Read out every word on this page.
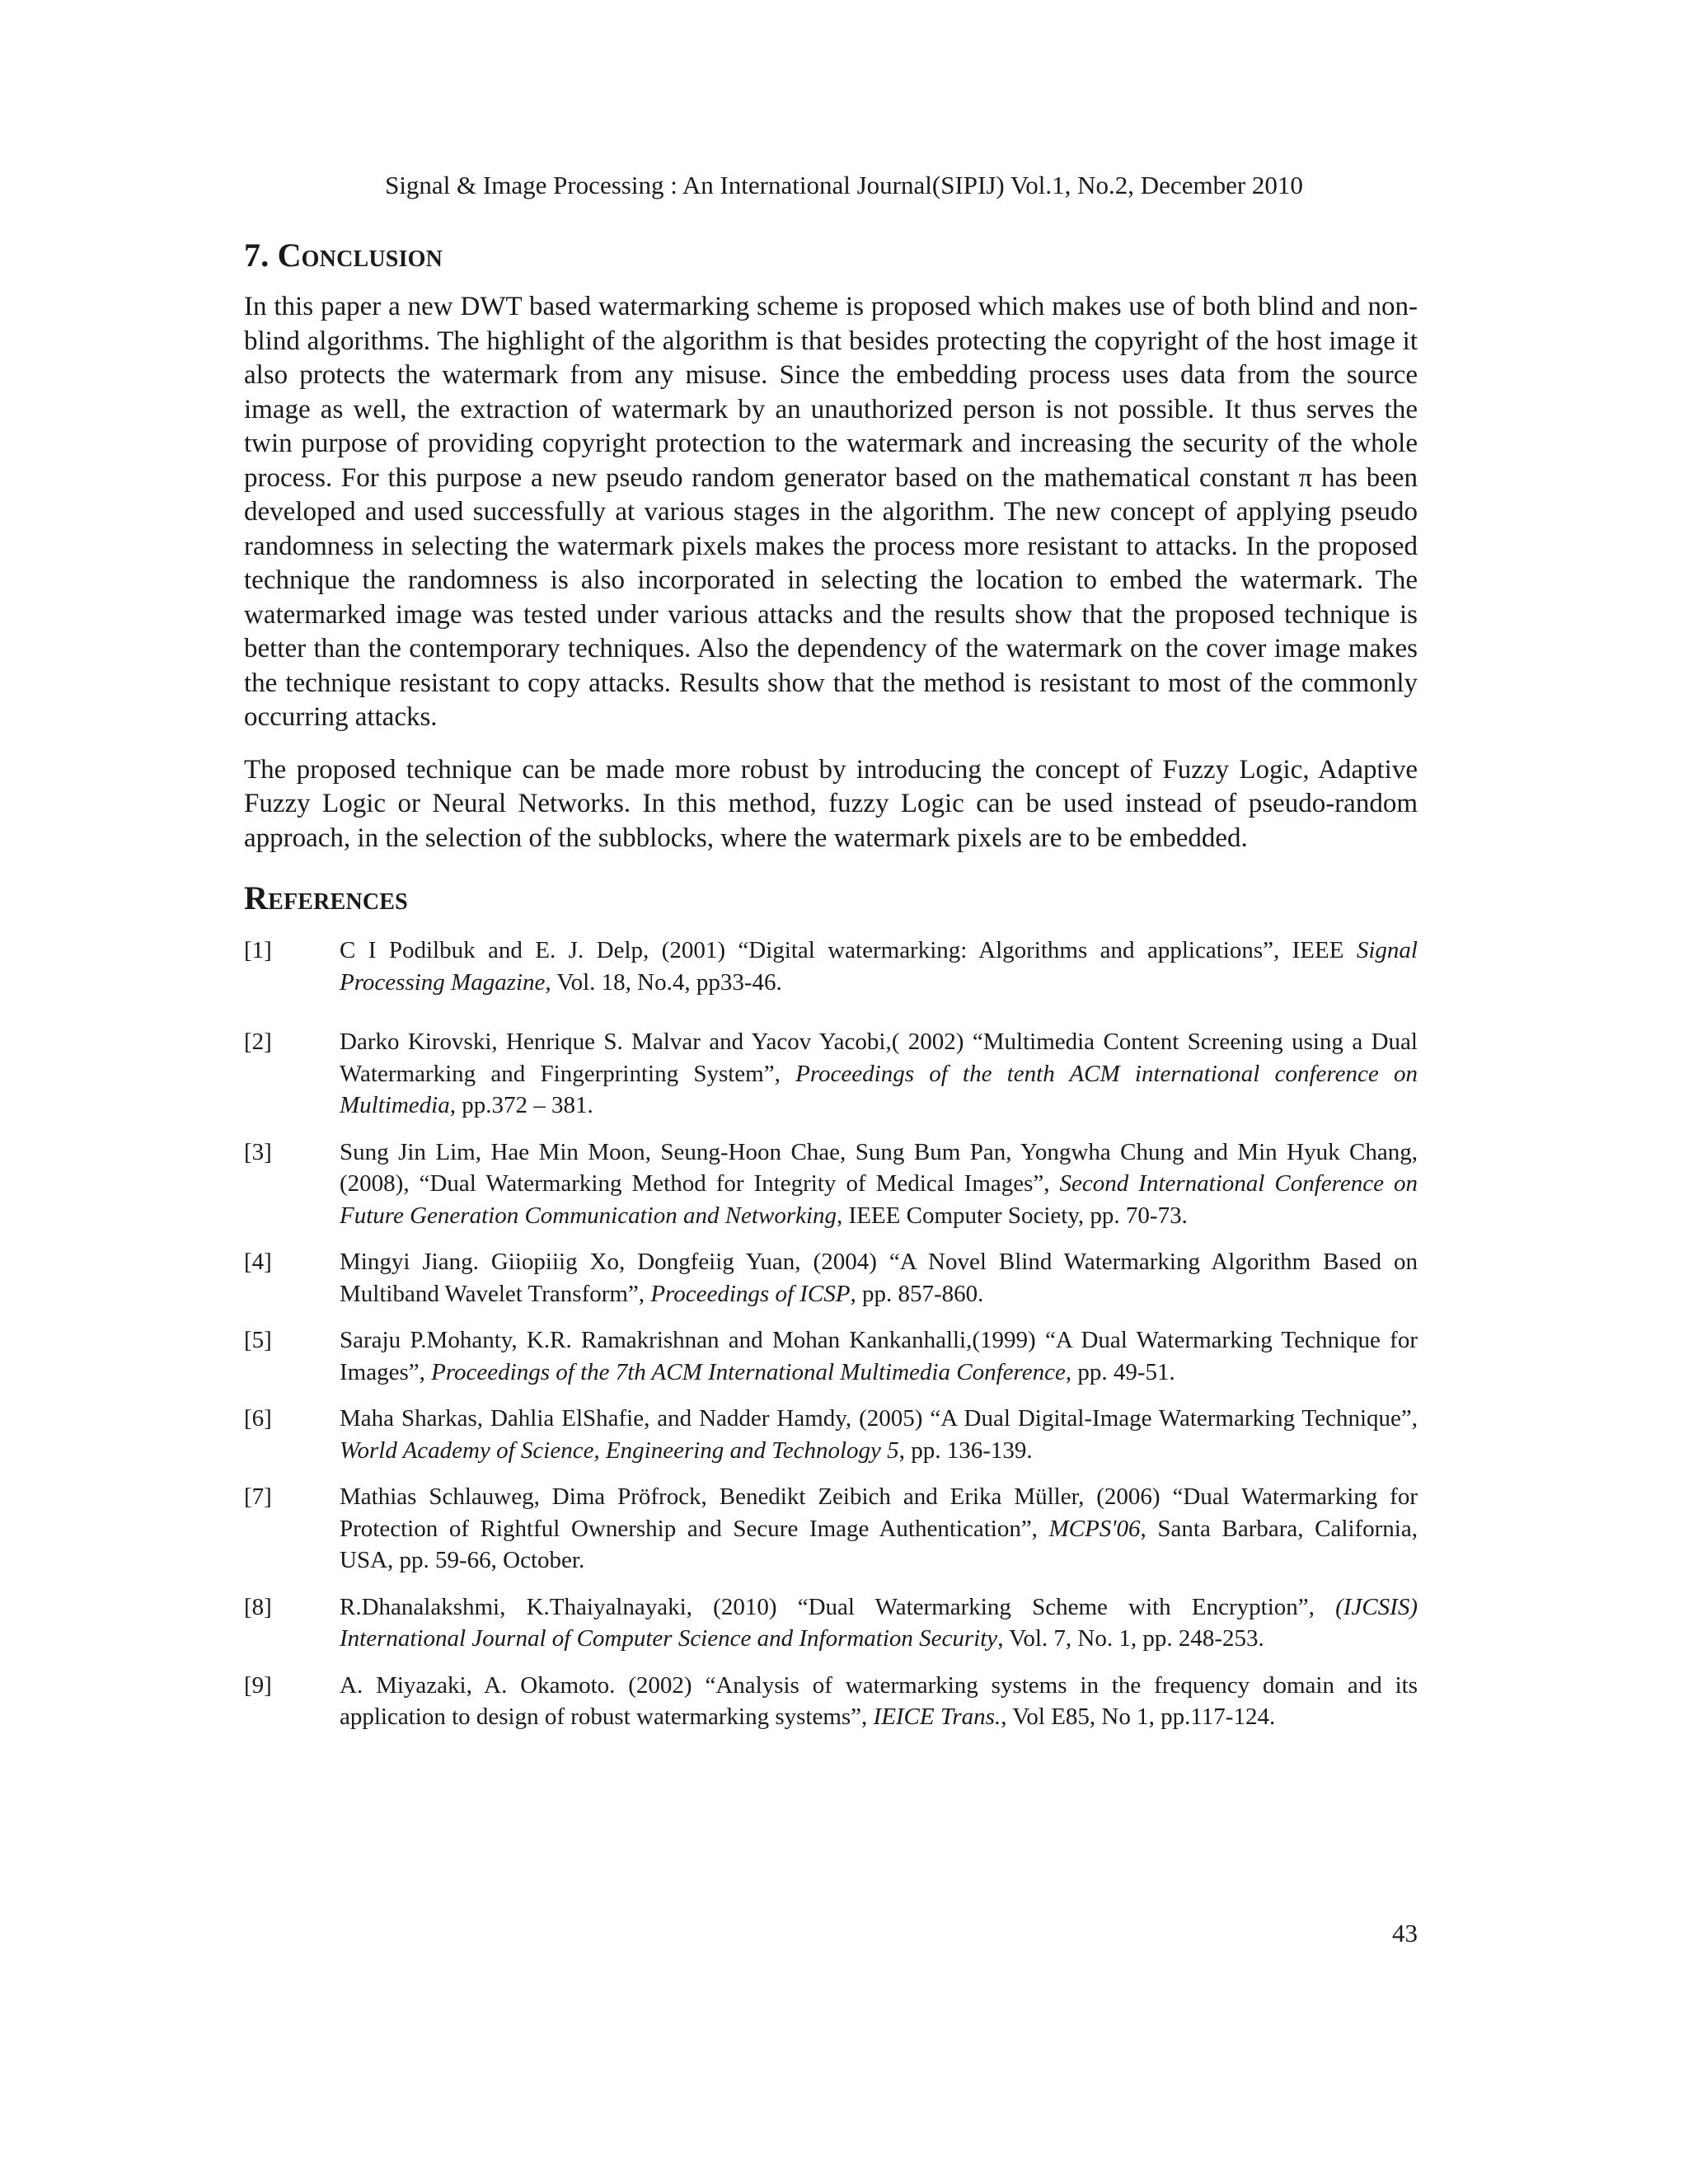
Signal & Image Processing : An International Journal(SIPIJ) Vol.1, No.2, December 2010
7. Conclusion

In this paper a new DWT based watermarking scheme is proposed which makes use of both blind and non-blind algorithms. The highlight of the algorithm is that besides protecting the copyright of the host image it also protects the watermark from any misuse. Since the embedding process uses data from the source image as well, the extraction of watermark by an unauthorized person is not possible. It thus serves the twin purpose of providing copyright protection to the watermark and increasing the security of the whole process. For this purpose a new pseudo random generator based on the mathematical constant π has been developed and used successfully at various stages in the algorithm. The new concept of applying pseudo randomness in selecting the watermark pixels makes the process more resistant to attacks. In the proposed technique the randomness is also incorporated in selecting the location to embed the watermark. The watermarked image was tested under various attacks and the results show that the proposed technique is better than the contemporary techniques. Also the dependency of the watermark on the cover image makes the technique resistant to copy attacks. Results show that the method is resistant to most of the commonly occurring attacks.

The proposed technique can be made more robust by introducing the concept of Fuzzy Logic, Adaptive Fuzzy Logic or Neural Networks. In this method, fuzzy Logic can be used instead of pseudo-random approach, in the selection of the subblocks, where the watermark pixels are to be embedded.

References
[1]	C I Podilbuk and E. J. Delp, (2001) “Digital watermarking: Algorithms and applications”, IEEE Signal Processing Magazine, Vol. 18, No.4, pp33-46.
[2]	Darko Kirovski, Henrique S. Malvar and Yacov Yacobi,( 2002) “Multimedia Content Screening using a Dual Watermarking and Fingerprinting System”, Proceedings of the tenth ACM international conference on Multimedia, pp.372 – 381.
[3]	Sung Jin Lim, Hae Min Moon, Seung-Hoon Chae, Sung Bum Pan, Yongwha Chung and Min Hyuk Chang, (2008), “Dual Watermarking Method for Integrity of Medical Images”, Second International Conference on Future Generation Communication and Networking, IEEE Computer Society, pp. 70-73.
[4]	Mingyi Jiang. Giiopiiig Xo, Dongfeiig Yuan, (2004) “A Novel Blind Watermarking Algorithm Based on Multiband Wavelet Transform”, Proceedings of ICSP, pp. 857-860.
[5]	Saraju P.Mohanty, K.R. Ramakrishnan and Mohan Kankanhalli,(1999) “A Dual Watermarking Technique for Images”, Proceedings of the 7th ACM International Multimedia Conference, pp. 49-51.
[6]	Maha Sharkas, Dahlia ElShafie, and Nadder Hamdy, (2005) “A Dual Digital-Image Watermarking Technique”, World Academy of Science, Engineering and Technology 5, pp. 136-139.
[7]	Mathias Schlauweg, Dima Pröfrock, Benedikt Zeibich and Erika Müller, (2006) “Dual Watermarking for Protection of Rightful Ownership and Secure Image Authentication”, MCPS'06, Santa Barbara, California, USA, pp. 59-66, October.
[8]	R.Dhanalakshmi, K.Thaiyalnayaki, (2010) “Dual Watermarking Scheme with Encryption”, (IJCSIS) International Journal of Computer Science and Information Security, Vol. 7, No. 1, pp. 248-253.
[9]	A. Miyazaki, A. Okamoto. (2002) “Analysis of watermarking systems in the frequency domain and its application to design of robust watermarking systems”, IEICE Trans., Vol E85, No 1, pp.117-124.
43
